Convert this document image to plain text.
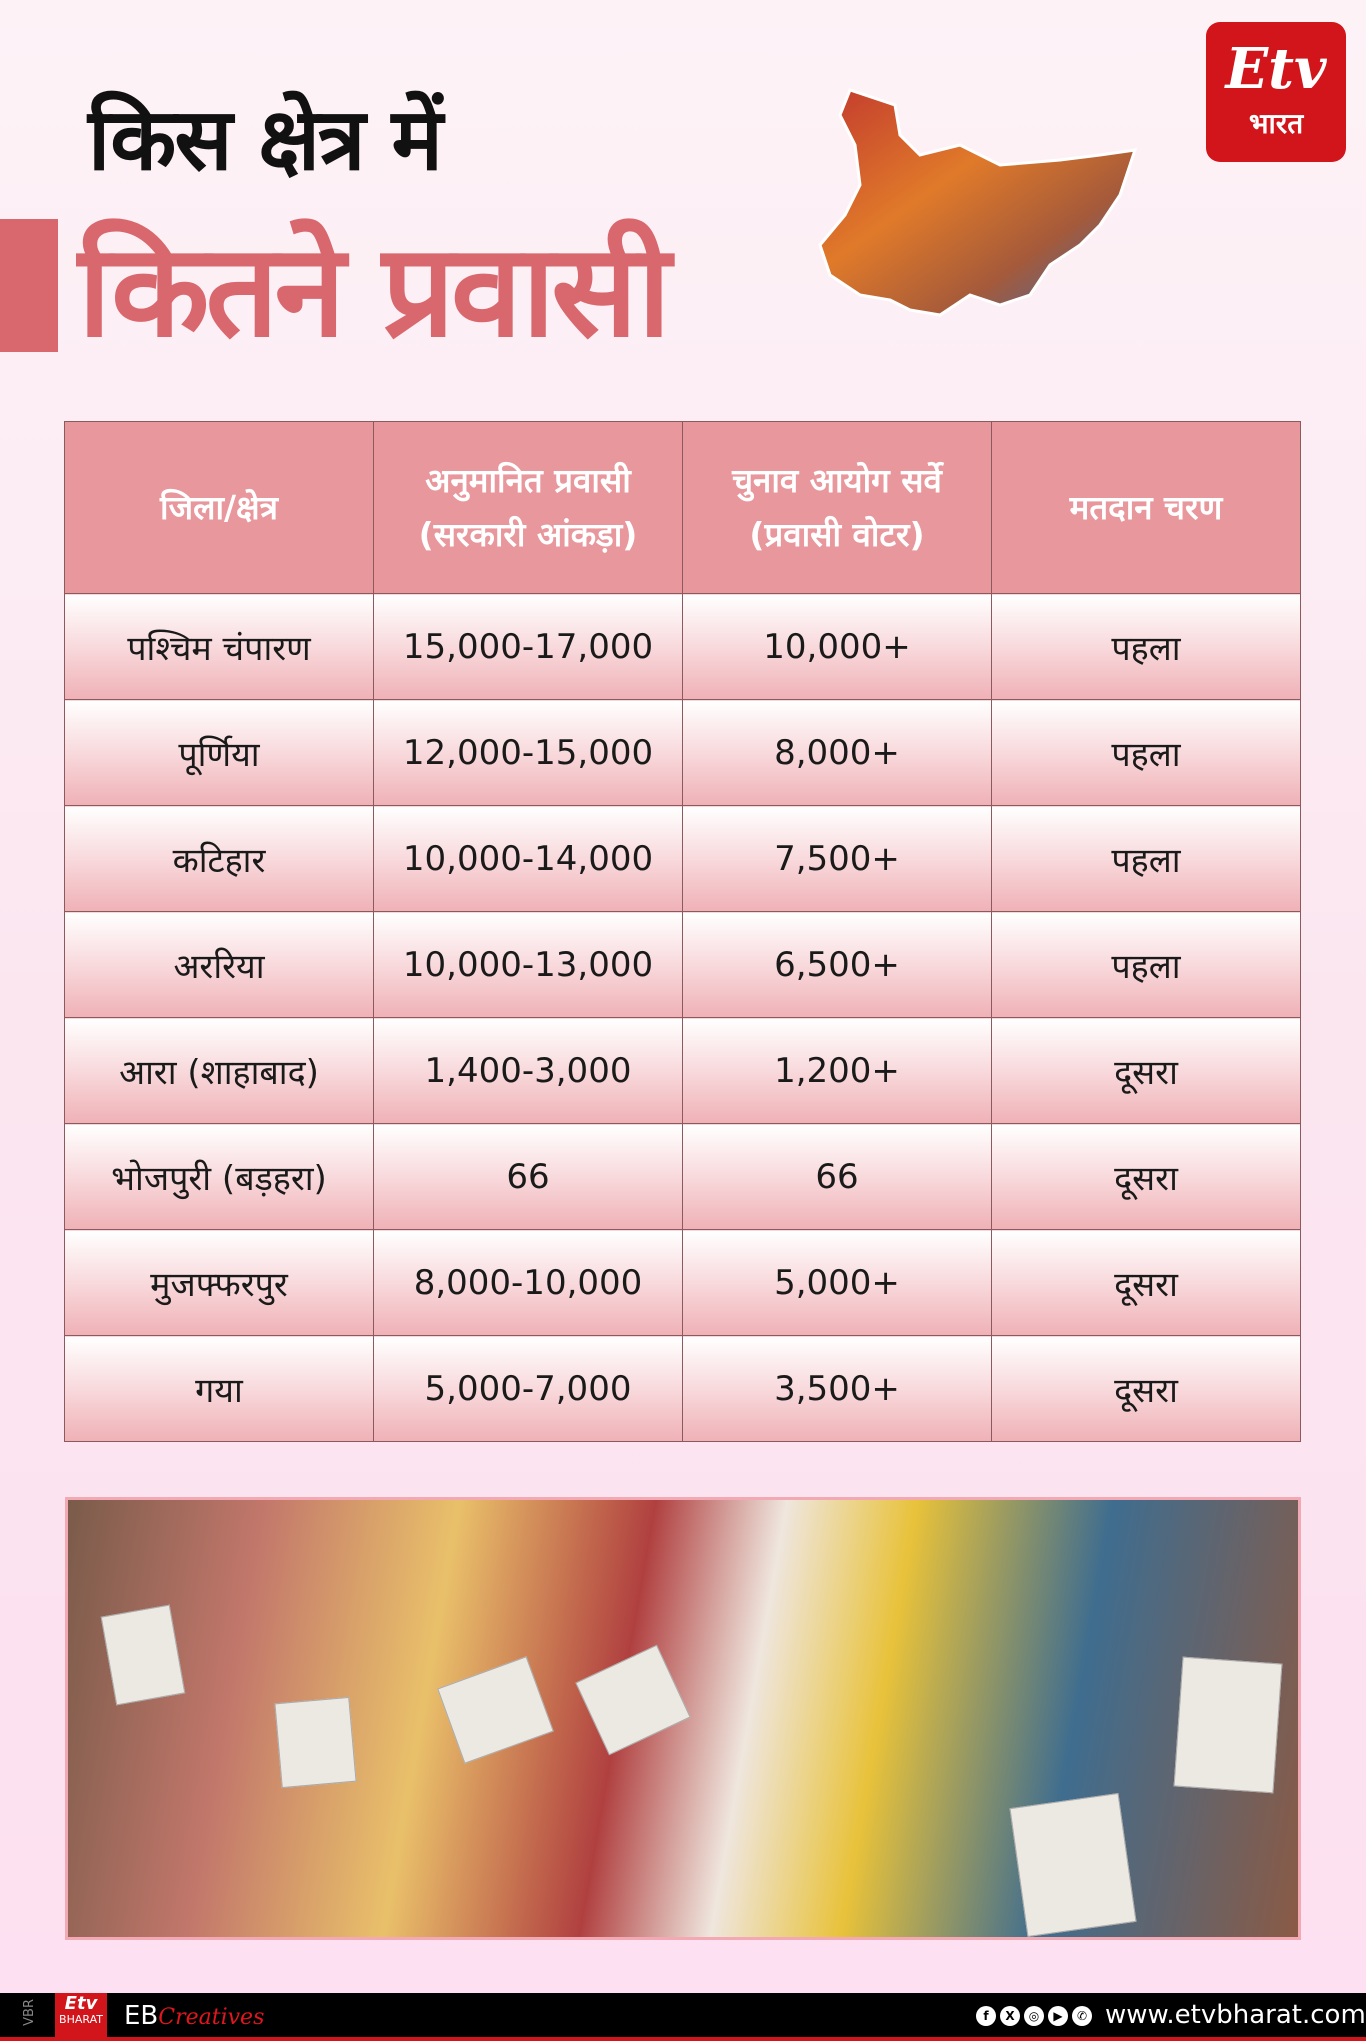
किस क्षेत्र में
कितने प्रवासी
Etv
भारत
जिला/क्षेत्र	अनुमानित प्रवासी (सरकारी आंकड़ा)	चुनाव आयोग सर्वे (प्रवासी वोटर)	मतदान चरण
पश्चिम चंपारण	15,000-17,000	10,000+	पहला
पूर्णिया	12,000-15,000	8,000+	पहला
कटिहार	10,000-14,000	7,500+	पहला
अररिया	10,000-13,000	6,500+	पहला
आरा (शाहाबाद)	1,400-3,000	1,200+	दूसरा
भोजपुरी (बड़हरा)	66	66	दूसरा
मुजफ्फरपुर	8,000-10,000	5,000+	दूसरा
गया	5,000-7,000	3,500+	दूसरा
VBR	Etv
BHARAT EBCreatives	f	X	◎	▶	✆ www.etvbharat.com
